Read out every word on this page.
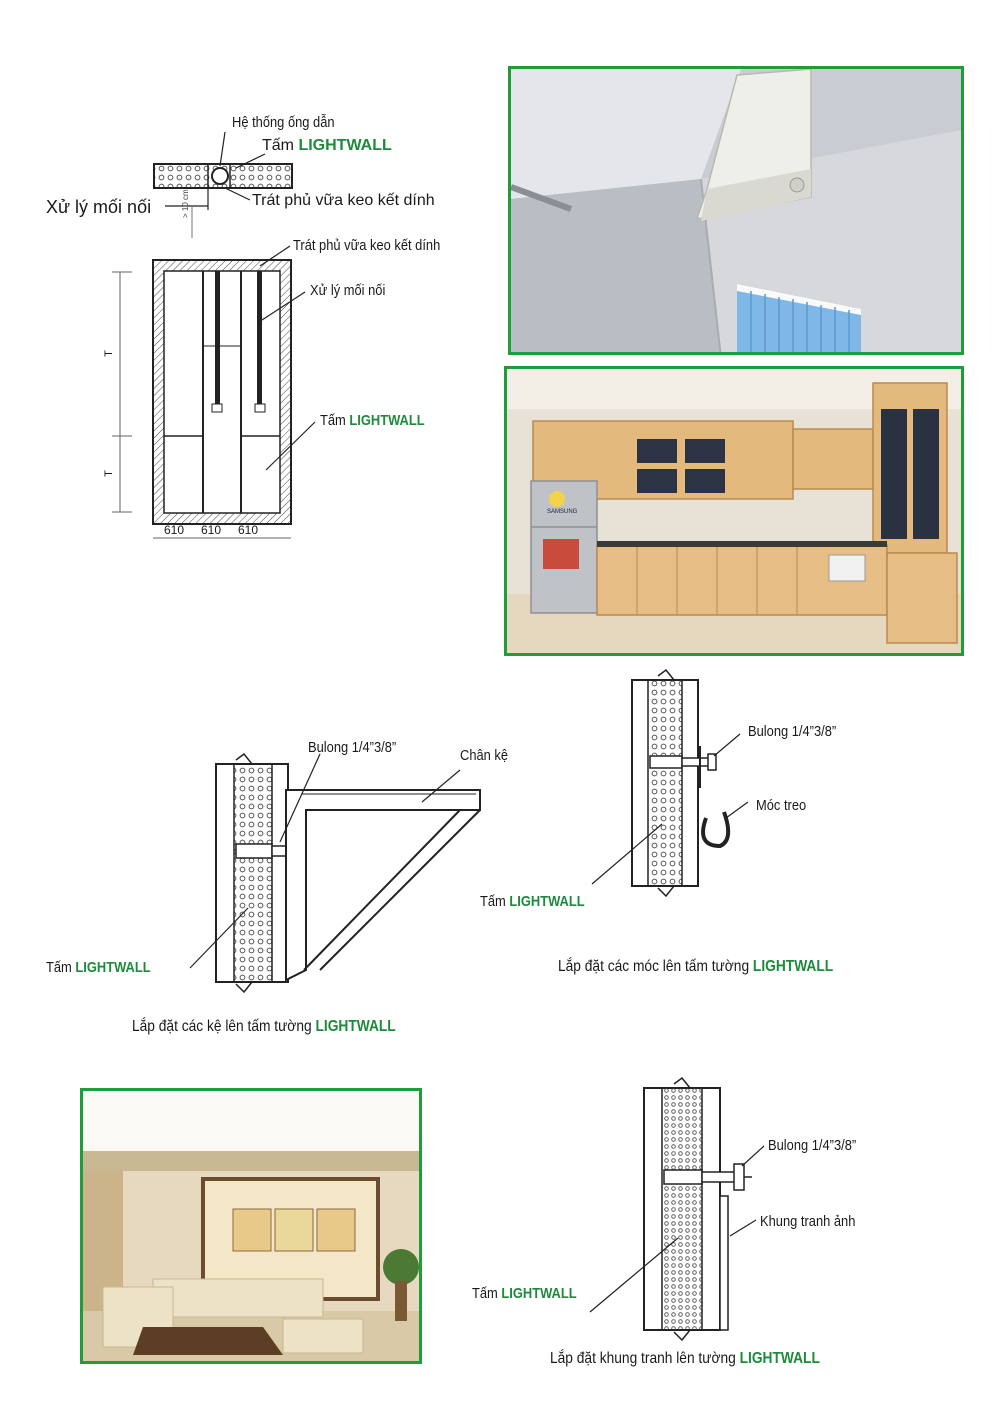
Hệ thống ống dẫn
Tấm LIGHTWALL
Xử lý mối nối	Trát phủ vữa keo kết dính
> 10 cm
Trát phủ vữa keo kết dính
Xử lý mối nối
Tấm LIGHTWALL
T
T
610 610 610
SAMSUNG
Bulong 1/4”3/8”	Chân kệ
Tấm LIGHTWALL
Lắp đặt các kệ lên tấm tường LIGHTWALL
Bulong 1/4”3/8”
Móc treo
Tấm LIGHTWALL
Lắp đặt các móc lên tấm tường LIGHTWALL
Bulong 1/4”3/8”
Khung tranh ảnh
Tấm LIGHTWALL
Lắp đặt khung tranh lên tường LIGHTWALL
